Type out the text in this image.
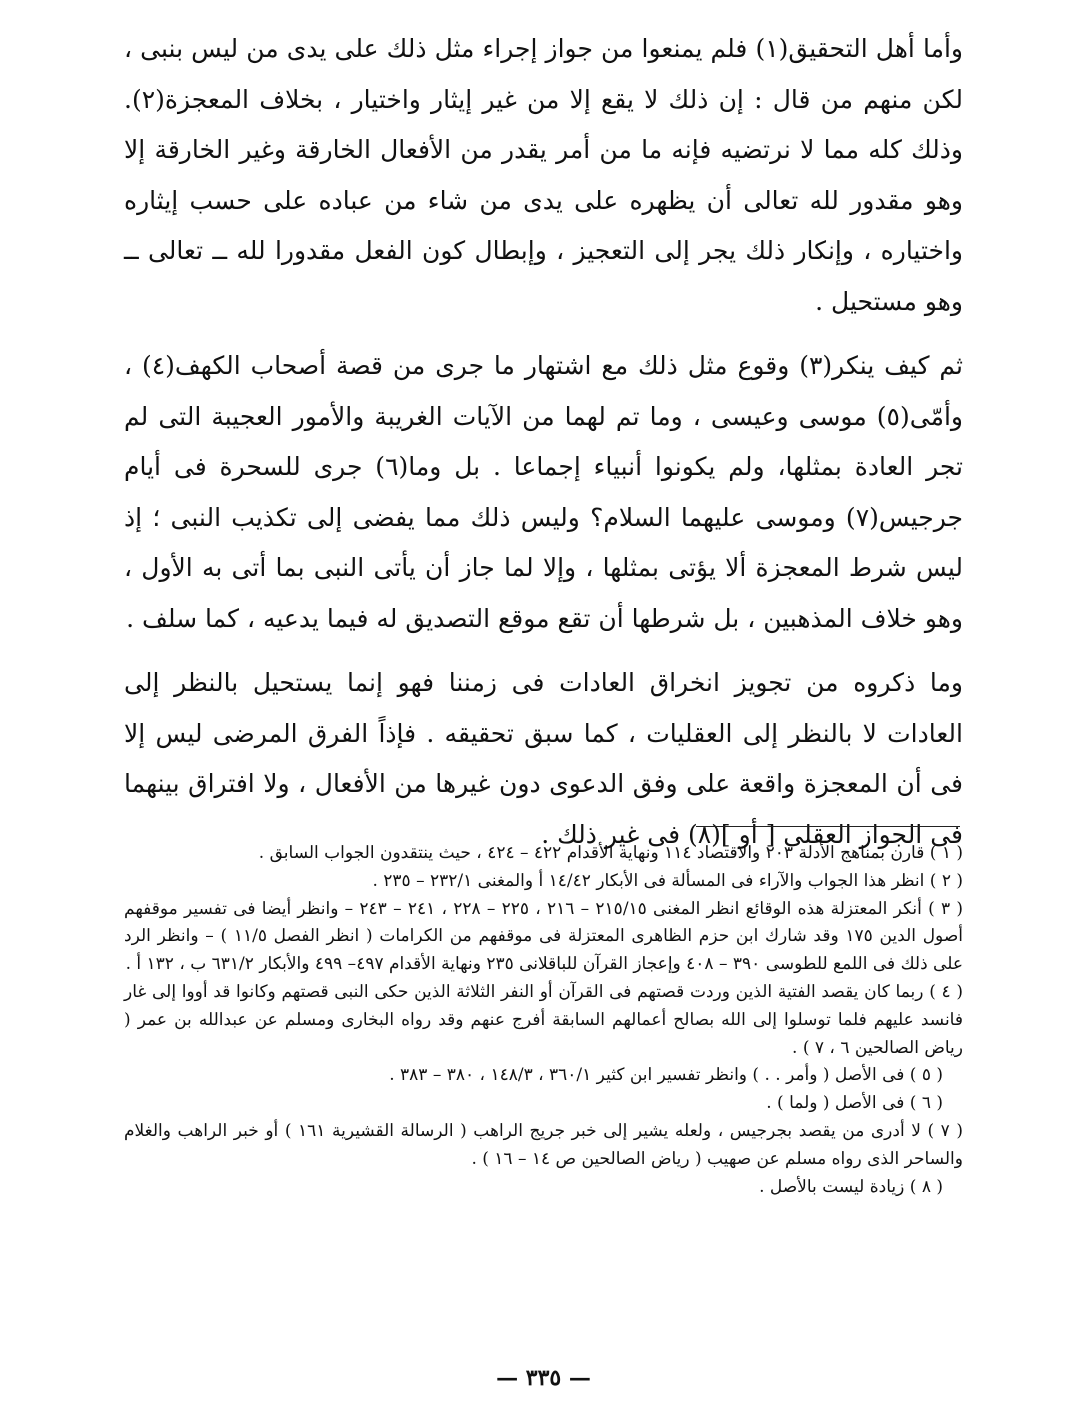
وأما أهل التحقيق(١) فلم يمنعوا من جواز إجراء مثل ذلك على يدى من ليس بنبى ، لكن منهم من قال : إن ذلك لا يقع إلا من غير إيثار واختيار ، بخلاف المعجزة(٢). وذلك كله مما لا نرتضيه فإنه ما من أمر يقدر من الأفعال الخارقة وغير الخارقة إلا وهو مقدور لله تعالى أن يظهره على يدى من شاء من عباده على حسب إيثاره واختياره ، وإنكار ذلك يجر إلى التعجيز ، وإبطال كون الفعل مقدورا لله ــ تعالى ــ وهو مستحيل .

ثم كيف ينكر(٣) وقوع مثل ذلك مع اشتهار ما جرى من قصة أصحاب الكهف(٤) ، وأمّى(٥) موسى وعيسى ، وما تم لهما من الآيات الغريبة والأمور العجيبة التى لم تجر العادة بمثلها، ولم يكونوا أنبياء إجماعا . بل وما(٦) جرى للسحرة فى أيام جرجيس(٧) وموسى عليهما السلام؟ وليس ذلك مما يفضى إلى تكذيب النبى ؛ إذ ليس شرط المعجزة ألا يؤتى بمثلها ، وإلا لما جاز أن يأتى النبى بما أتى به الأول ، وهو خلاف المذهبين ، بل شرطها أن تقع موقع التصديق له فيما يدعيه ، كما سلف .

وما ذكروه من تجويز انخراق العادات فى زمننا فهو إنما يستحيل بالنظر إلى العادات لا بالنظر إلى العقليات ، كما سبق تحقيقه . فإذاً الفرق المرضى ليس إلا فى أن المعجزة واقعة على وفق الدعوى دون غيرها من الأفعال ، ولا افتراق بينهما فى الجواز العقلى [ أو ](٨) فى غير ذلك .

( ١ ) قارن بمناهج الأدلة ٢٠٣ والاقتصاد ١١٤ ونهاية الأقدام ٤٢٢ – ٤٢٤ ، حيث ينتقدون الجواب السابق .

( ٢ ) انظر هذا الجواب والآراء فى المسألة فى الأبكار ١٤/٤٢ أ والمغنى ٢٣٢/١ – ٢٣٥ .

( ٣ ) أنكر المعتزلة هذه الوقائع انظر المغنى ٢١٥/١٥ – ٢١٦ ، ٢٢٥ – ٢٢٨ ، ٢٤١ – ٢٤٣ – وانظر أيضا فى تفسير موقفهم أصول الدين ١٧٥ وقد شارك ابن حزم الظاهرى المعتزلة فى موقفهم من الكرامات ( انظر الفصل ١١/٥ ) – وانظر الرد على ذلك فى اللمع للطوسى ٣٩٠ – ٤٠٨ وإعجاز القرآن للباقلانى ٢٣٥ ونهاية الأقدام ٤٩٧– ٤٩٩ والأبكار ٦٣١/٢ ب ، ١٣٢ أ .

( ٤ ) ربما كان يقصد الفتية الذين وردت قصتهم فى القرآن أو النفر الثلاثة الذين حكى النبى قصتهم وكانوا قد أووا إلى غار فانسد عليهم فلما توسلوا إلى الله بصالح أعمالهم السابقة أفرج عنهم وقد رواه البخارى ومسلم عن عبدالله بن عمر ( رياض الصالحين ٦ ، ٧ ) .

( ٥ ) فى الأصل ( وأمر . . ) وانظر تفسير ابن كثير ٣٦٠/١ ، ١٤٨/٣ ، ٣٨٠ – ٣٨٣ .

( ٦ ) فى الأصل ( ولما ) .

( ٧ ) لا أدرى من يقصد بجرجيس ، ولعله يشير إلى خبر جريج الراهب ( الرسالة القشيرية ١٦١ ) أو خبر الراهب والغلام والساحر الذى رواه مسلم عن صهيب ( رياض الصالحين ص ١٤ – ١٦ ) .

( ٨ ) زيادة ليست بالأصل .

— ٣٣٥ —
